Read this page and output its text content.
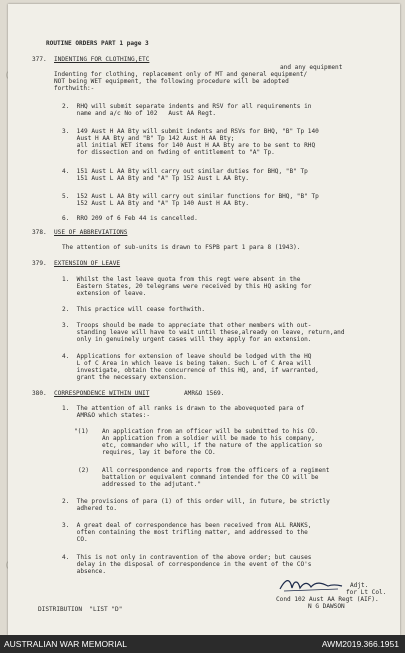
ROUTINE ORDERS PART 1 page 3
377. INDENTING FOR CLOTHING,ETC
and any equipment
Indenting for clothing, replacement only of MT and general equipment/
NOT being WET equipment, the following procedure will be adopted
forthwith:-
2.  RHQ will submit separate indents and RSV for all requirements in
name and a/c No of 102   Aust AA Regt.
3.  149 Aust H AA Bty will submit indents and RSVs for BHQ, "B" Tp 140
Aust H AA Bty and "B" Tp 142 Aust H AA Bty;
all initial WET items for 140 Aust H AA Bty are to be sent to RHQ
for dissection and on fwding of entitlement to "A" Tp.
4.  151 Aust L AA Bty will carry out similar duties for BHQ, "B" Tp
151 Aust L AA Bty and "A" Tp 152 Aust L AA Bty.
5.  152 Aust L AA Bty will carry out similar functions for BHQ, "B" Tp
152 Aust L AA Bty and "A" Tp 140 Aust H AA Bty.
6.  RRO 209 of 6 Feb 44 is cancelled.
378. USE OF ABBREVIATIONS
The attention of sub-units is drawn to FSPB part 1 para 8 (1943).
379. EXTENSION OF LEAVE
1.  Whilst the last leave quota from this regt were absent in the
Eastern States, 20 telegrams were received by this HQ asking for
extension of leave.
2.  This practice will cease forthwith.
3.  Troops should be made to appreciate that other members with out-
standing leave will have to wait until these,already on leave, return,and
only in genuinely urgent cases will they apply for an extension.
4.  Applications for extension of leave should be lodged with the HQ
L of C Area in which leave is being taken. Such L of C Area will
investigate, obtain the concurrence of this HQ, and, if warranted,
grant the necessary extension.
380. CORRESPONDENCE WITHIN UNIT	AMR&O 1569.
1.  The attention of all ranks is drawn to the abovequoted para of
AMR&O which states:-
"(1) An application from an officer will be submitted to his CO.
An application from a soldier will be made to his company,
etc, commander who will, if the nature of the application so
requires, lay it before the CO.
(2) All correspondence and reports from the officers of a regiment
battalion or equivalent command intended for the CO will be
addressed to the adjutant."
2.  The provisions of para (1) of this order will, in future, be strictly
adhered to.
3.  A great deal of correspondence has been received from ALL RANKS,
often containing the most trifling matter, and addressed to the
CO.
4.  This is not only in contravention of the above order; but causes
delay in the disposal of correspondence in the event of the CO's
absence.
Adjt.
for Lt Col.
Cond 102 Aust AA Regt (AIF).
N G DAWSON
DISTRIBUTION  "LIST "D"
AUSTRALIAN WAR MEMORIAL	AWM2019.366.1951
